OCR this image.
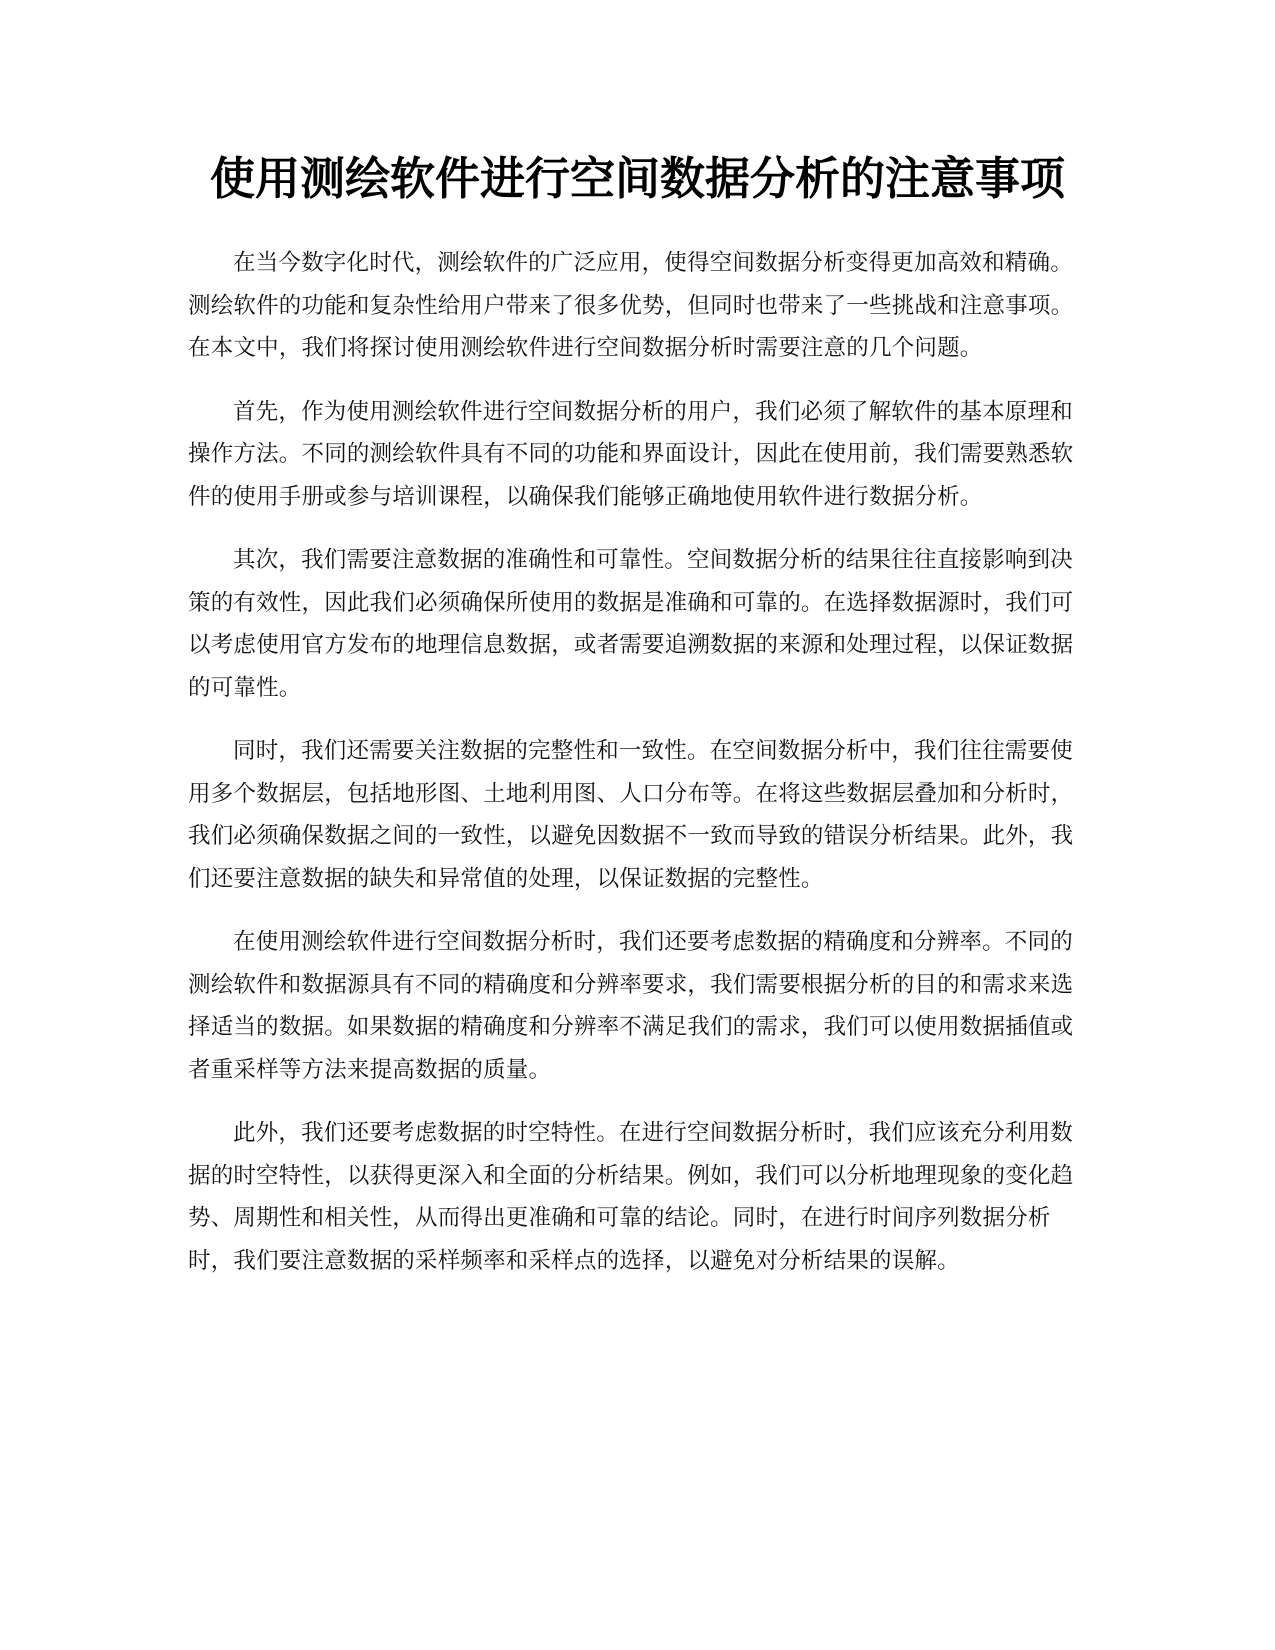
使用测绘软件进行空间数据分析的注意事项

在当今数字化时代，测绘软件的广泛应用，使得空间数据分析变得更加高效和精确。测绘软件的功能和复杂性给用户带来了很多优势，但同时也带来了一些挑战和注意事项。在本文中，我们将探讨使用测绘软件进行空间数据分析时需要注意的几个问题。

首先，作为使用测绘软件进行空间数据分析的用户，我们必须了解软件的基本原理和操作方法。不同的测绘软件具有不同的功能和界面设计，因此在使用前，我们需要熟悉软件的使用手册或参与培训课程，以确保我们能够正确地使用软件进行数据分析。

其次，我们需要注意数据的准确性和可靠性。空间数据分析的结果往往直接影响到决策的有效性，因此我们必须确保所使用的数据是准确和可靠的。在选择数据源时，我们可以考虑使用官方发布的地理信息数据，或者需要追溯数据的来源和处理过程，以保证数据的可靠性。

同时，我们还需要关注数据的完整性和一致性。在空间数据分析中，我们往往需要使用多个数据层，包括地形图、土地利用图、人口分布等。在将这些数据层叠加和分析时，我们必须确保数据之间的一致性，以避免因数据不一致而导致的错误分析结果。此外，我们还要注意数据的缺失和异常值的处理，以保证数据的完整性。

在使用测绘软件进行空间数据分析时，我们还要考虑数据的精确度和分辨率。不同的测绘软件和数据源具有不同的精确度和分辨率要求，我们需要根据分析的目的和需求来选择适当的数据。如果数据的精确度和分辨率不满足我们的需求，我们可以使用数据插值或者重采样等方法来提高数据的质量。

此外，我们还要考虑数据的时空特性。在进行空间数据分析时，我们应该充分利用数据的时空特性，以获得更深入和全面的分析结果。例如，我们可以分析地理现象的变化趋势、周期性和相关性，从而得出更准确和可靠的结论。同时，在进行时间序列数据分析时，我们要注意数据的采样频率和采样点的选择，以避免对分析结果的误解。
